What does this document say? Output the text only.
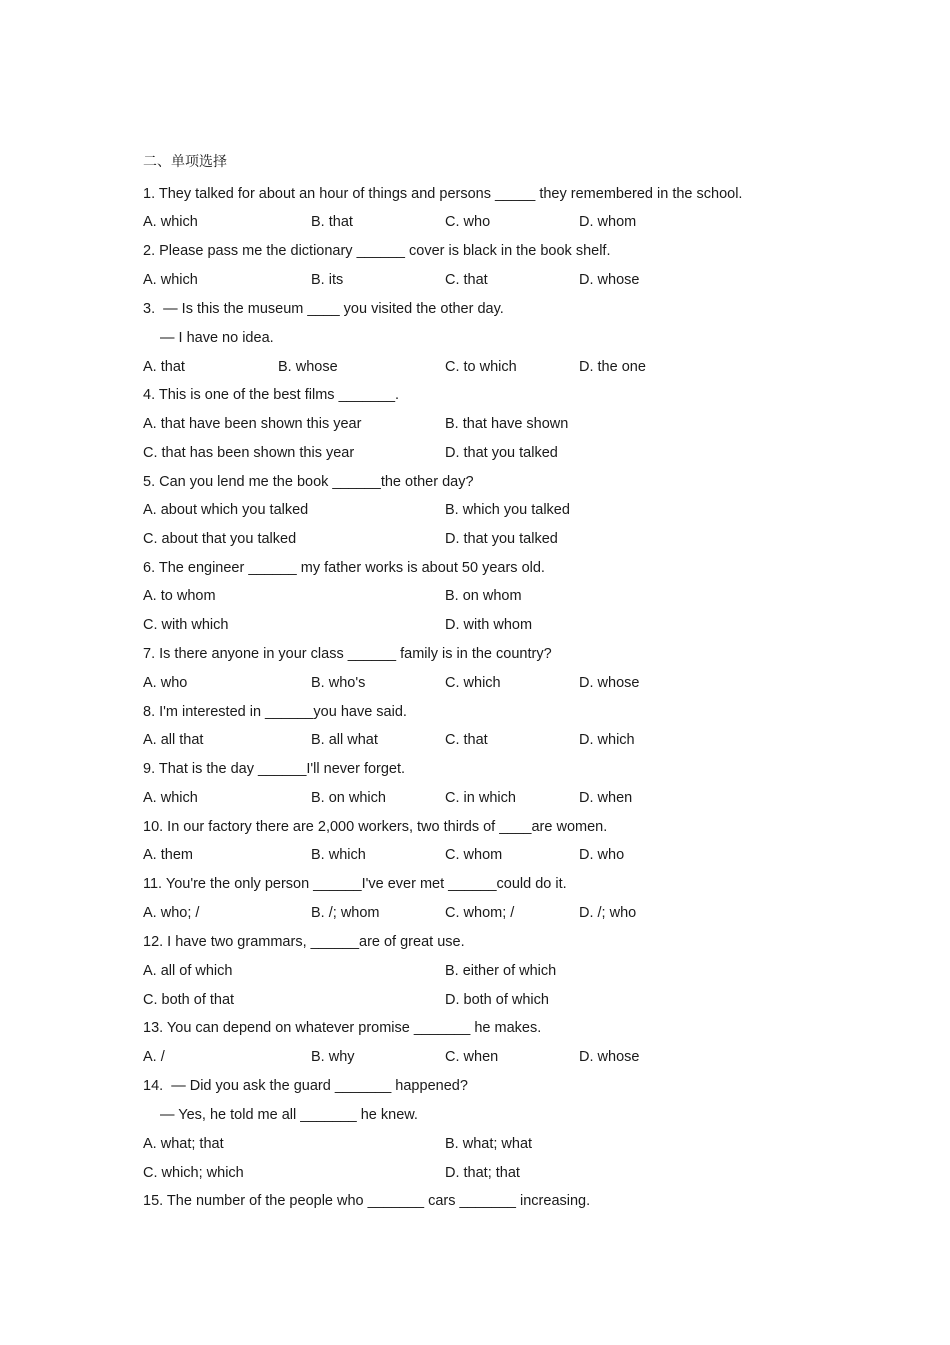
二、单项选择
1. They talked for about an hour of things and persons _____ they remembered in the school.
A. which	B. that	C. who	D. whom
2. Please pass me the dictionary ______ cover is black in the book shelf.
A. which	B. its	C. that	D. whose
3.  — Is this the museum ____ you visited the other day.
— I have no idea.
A. that	B. whose	C. to which	D. the one
4. This is one of the best films _______.
A. that have been shown this year	B. that have shown
C. that has been shown this year	D. that you talked
5. Can you lend me the book ______the other day?
A. about which you talked	B. which you talked
C. about that you talked	D. that you talked
6. The engineer ______ my father works is about 50 years old.
A. to whom	B. on whom
C. with which	D. with whom
7. Is there anyone in your class ______ family is in the country?
A. who	B. who's	C. which	D. whose
8. I'm interested in ______you have said.
A. all that	B. all what	C. that	D. which
9. That is the day ______I'll never forget.
A. which	B. on which	C. in which	D. when
10. In our factory there are 2,000 workers, two thirds of ____are women.
A. them	B. which	C. whom	D. who
11. You're the only person ______I've ever met ______could do it.
A. who; /	B. /; whom	C. whom; /	D. /; who
12. I have two grammars, ______are of great use.
A. all of which	B. either of which
C. both of that	D. both of which
13. You can depend on whatever promise _______ he makes.
A. /	B. why	C. when	D. whose
14.  — Did you ask the guard _______ happened?
— Yes, he told me all _______ he knew.
A. what; that	B. what; what
C. which; which	D. that; that
15. The number of the people who _______ cars _______ increasing.
